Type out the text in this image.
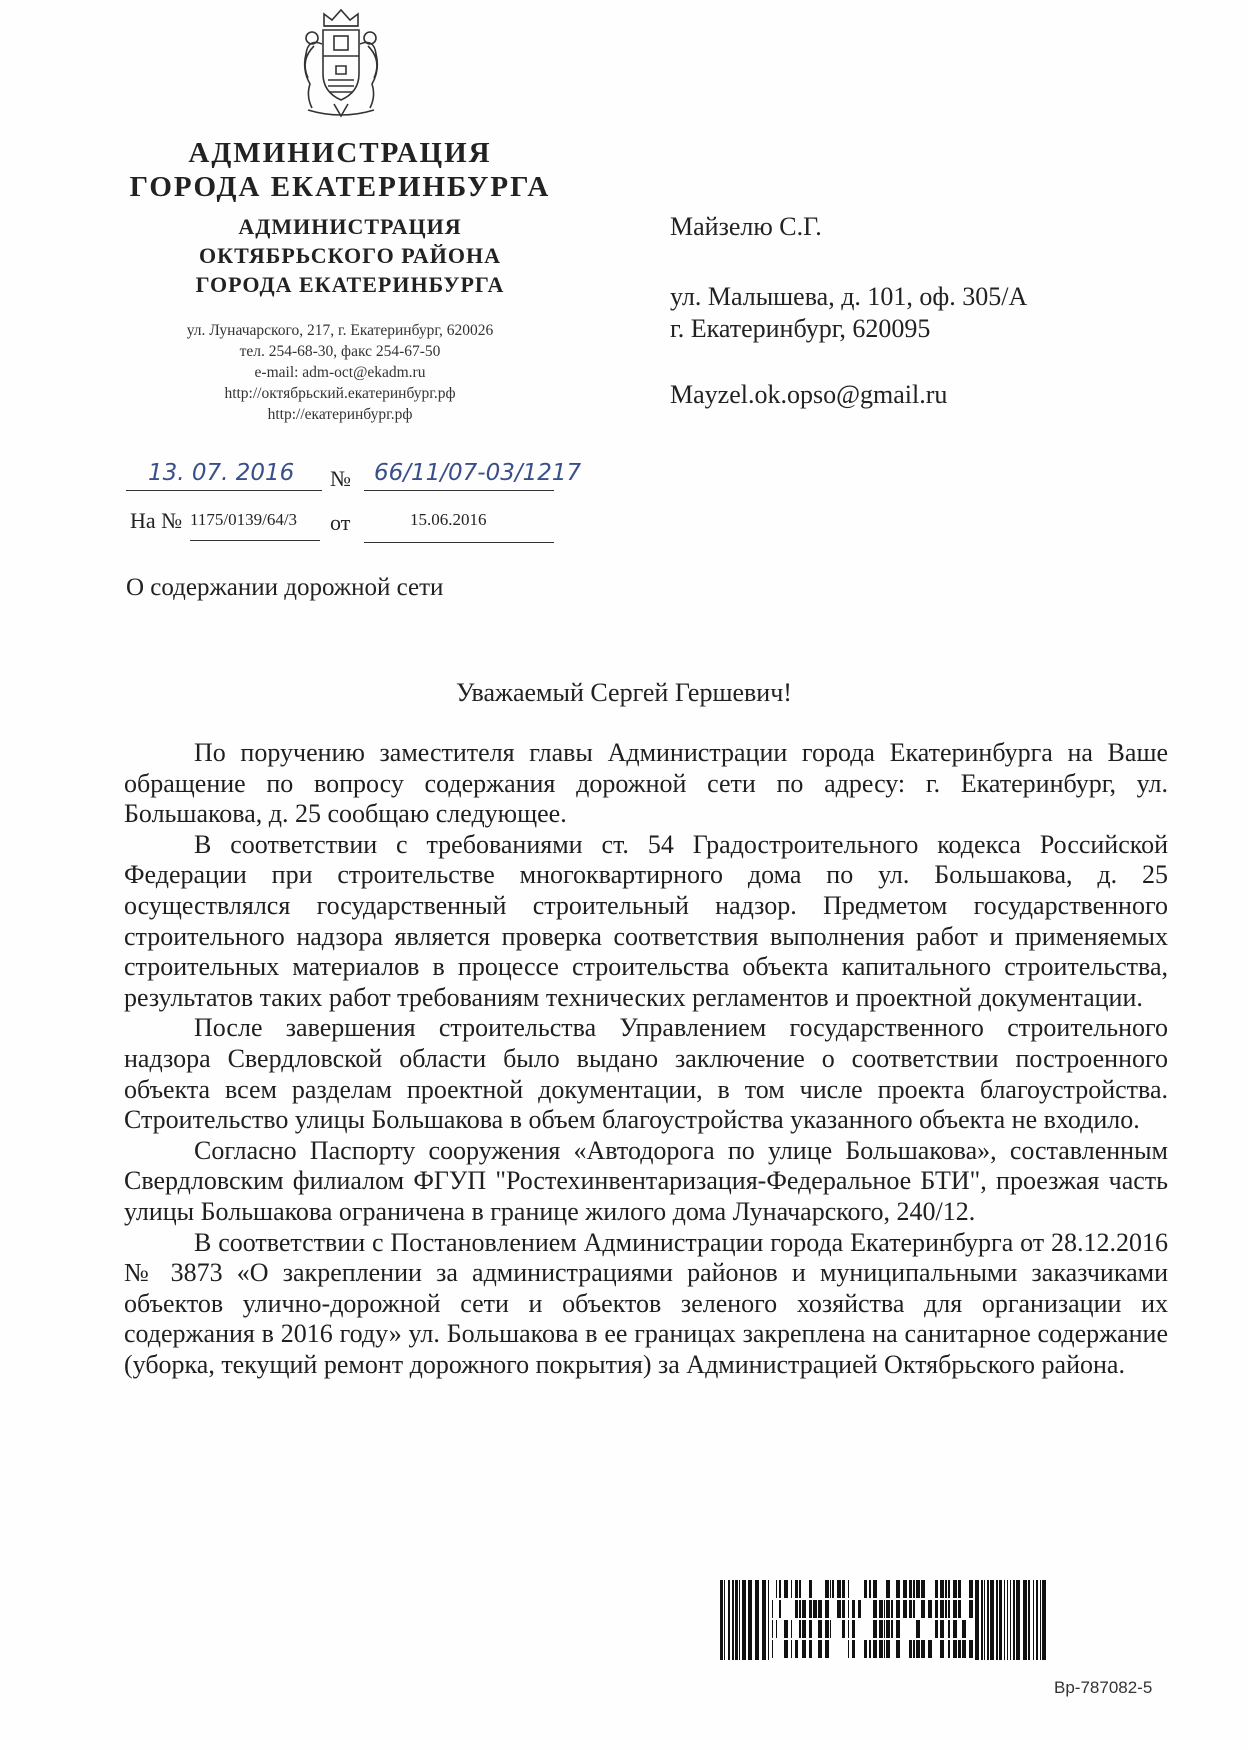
АДМИНИСТРАЦИЯ
ГОРОДА ЕКАТЕРИНБУРГА
АДМИНИСТРАЦИЯ
ОКТЯБРЬСКОГО РАЙОНА
ГОРОДА ЕКАТЕРИНБУРГА
ул. Луначарского, 217, г. Екатеринбург, 620026
тел. 254-68-30, факс 254-67-50
e-mail: adm-oct@ekadm.ru
http://октябрьский.екатеринбург.рф
http://екатеринбург.рф
Майзелю С.Г.
ул. Малышева, д. 101, оф. 305/А
г. Екатеринбург, 620095
Mayzel.ok.opso@gmail.ru
13. 07. 2016 № 66/11/07-03/1217
На № 1175/0139/64/3 от	15.06.2016
О содержании дорожной сети
Уважаемый Сергей Гершевич!

По поручению заместителя главы Администрации города Екатеринбурга на Ваше обращение по вопросу содержания дорожной сети по адресу: г. Екатеринбург, ул. Большакова, д. 25 сообщаю следующее.

В соответствии с требованиями ст. 54 Градостроительного кодекса Российской Федерации при строительстве многоквартирного дома по ул. Большакова, д. 25 осуществлялся государственный строительный надзор. Предметом государственного строительного надзора является проверка соответствия выполнения работ и применяемых строительных материалов в процессе строительства объекта капитального строительства, результатов таких работ требованиям технических регламентов и проектной документации.

После завершения строительства Управлением государственного строительного надзора Свердловской области было выдано заключение о соответствии построенного объекта всем разделам проектной документации, в том числе проекта благоустройства. Строительство улицы Большакова в объем благоустройства указанного объекта не входило.

Согласно Паспорту сооружения «Автодорога по улице Большакова», составленным Свердловским филиалом ФГУП "Ростехинвентаризация-Федеральное БТИ", проезжая часть улицы Большакова ограничена в границе жилого дома Луначарского, 240/12.

В соответствии с Постановлением Администрации города Екатеринбурга от 28.12.2016 № 3873 «О закреплении за администрациями районов и муниципальными заказчиками объектов улично-дорожной сети и объектов зеленого хозяйства для организации их содержания в 2016 году» ул. Большакова в ее границах закреплена на санитарное содержание (уборка, текущий ремонт дорожного покрытия) за Администрацией Октябрьского района.

Вр-787082-5
